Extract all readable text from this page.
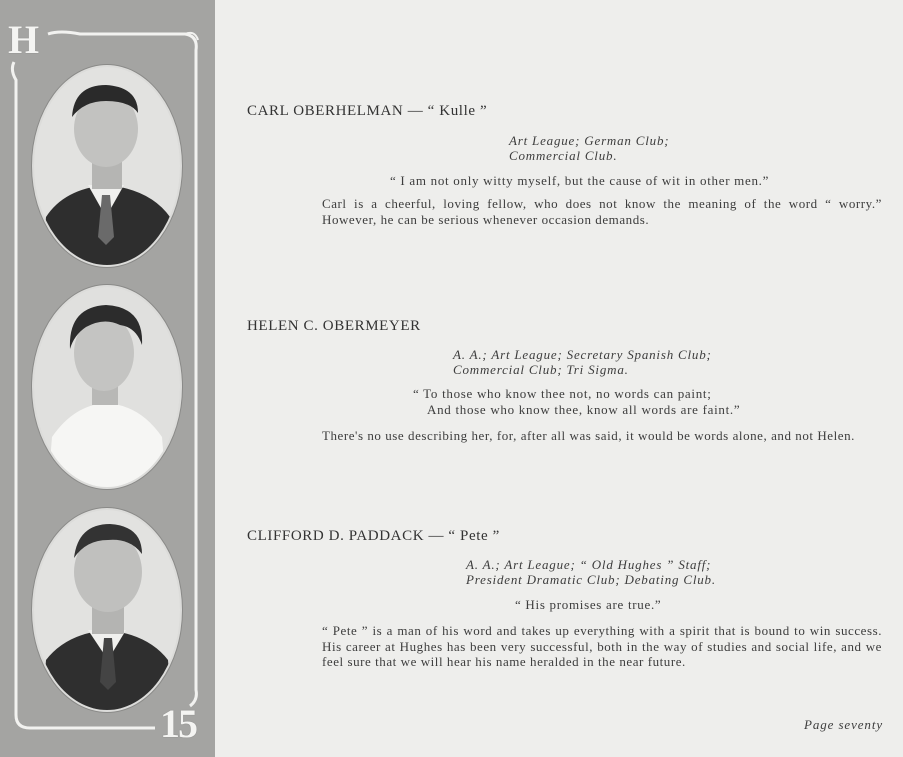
H
15
CARL OBERHELMAN — “ Kulle ”
Art League; German Club;
Commercial Club.
“ I am not only witty myself, but the cause of wit in other men.”
Carl is a cheerful, loving fellow, who does not know the meaning of the word “ worry.” However, he can be serious whenever occasion demands.
HELEN C. OBERMEYER
A. A.; Art League; Secretary Spanish Club;
Commercial Club; Tri Sigma.
“ To those who know thee not, no words can paint;
And those who know thee, know all words are faint.”
There's no use describing her, for, after all was said, it would be words alone, and not Helen.
CLIFFORD D. PADDACK — “ Pete ”
A. A.; Art League; “ Old Hughes ” Staff;
President Dramatic Club; Debating Club.
“ His promises are true.”
“ Pete ” is a man of his word and takes up everything with a spirit that is bound to win success. His career at Hughes has been very successful, both in the way of studies and social life, and we feel sure that we will hear his name heralded in the near future.
Page seventy
